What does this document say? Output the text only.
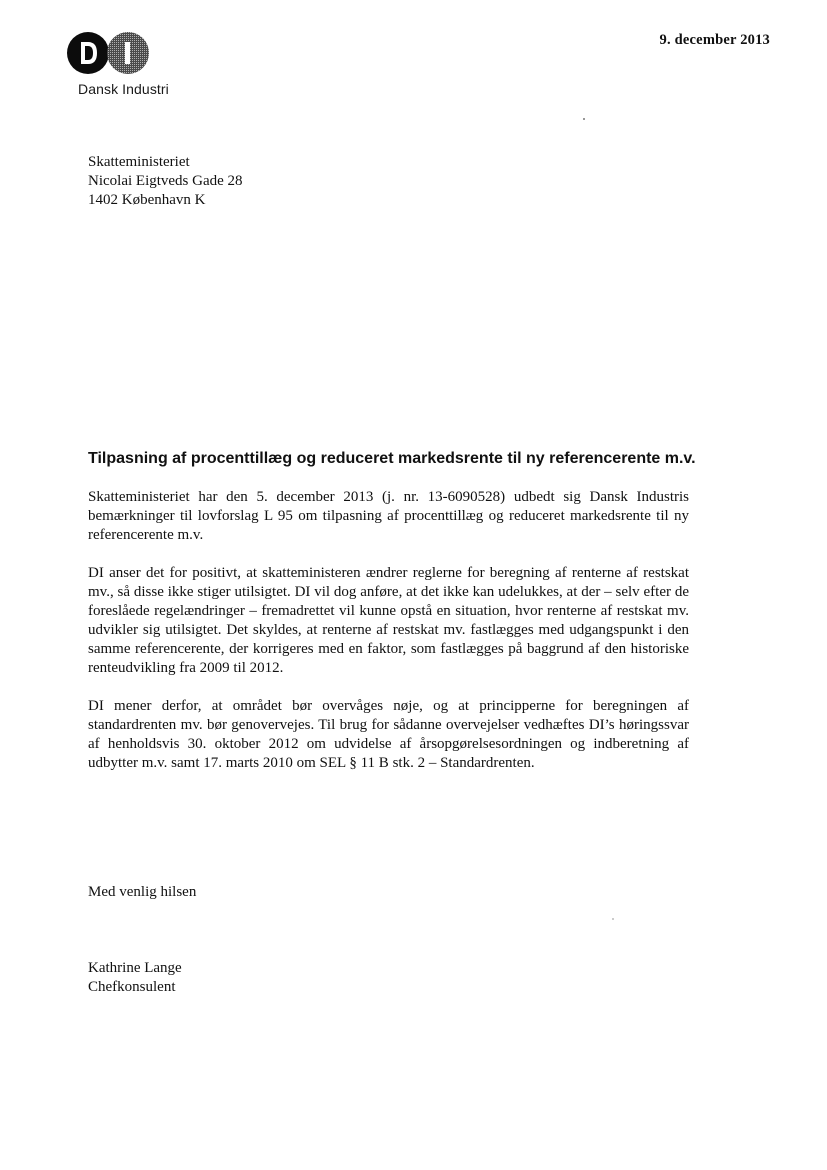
Dansk Industri
9. december 2013
Skatteministeriet
Nicolai Eigtveds Gade 28
1402 København K
Tilpasning af procenttillæg og reduceret markedsrente til ny referencerente m.v.

Skatteministeriet har den 5. december 2013 (j. nr. 13-6090528) udbedt sig Dansk Industris bemærkninger til lovforslag L 95 om tilpasning af procenttillæg og reduceret markedsrente til ny referencerente m.v.

DI anser det for positivt, at skatteministeren ændrer reglerne for beregning af renterne af restskat mv., så disse ikke stiger utilsigtet. DI vil dog anføre, at det ikke kan udelukkes, at der – selv efter de foreslåede regelændringer – fremadrettet vil kunne opstå en situation, hvor renterne af restskat mv. udvikler sig utilsigtet. Det skyldes, at renterne af restskat mv. fastlægges med udgangspunkt i den samme referencerente, der korrigeres med en faktor, som fastlægges på baggrund af den historiske renteudvikling fra 2009 til 2012.

DI mener derfor, at området bør overvåges nøje, og at principperne for beregningen af standardrenten mv. bør genovervejes. Til brug for sådanne overvejelser vedhæftes DI’s høringssvar af henholdsvis 30. oktober 2012 om udvidelse af årsopgørelsesordningen og indberetning af udbytter m.v. samt 17. marts 2010 om SEL § 11 B stk. 2 – Standardrenten.

Med venlig hilsen
Kathrine Lange
Chefkonsulent
